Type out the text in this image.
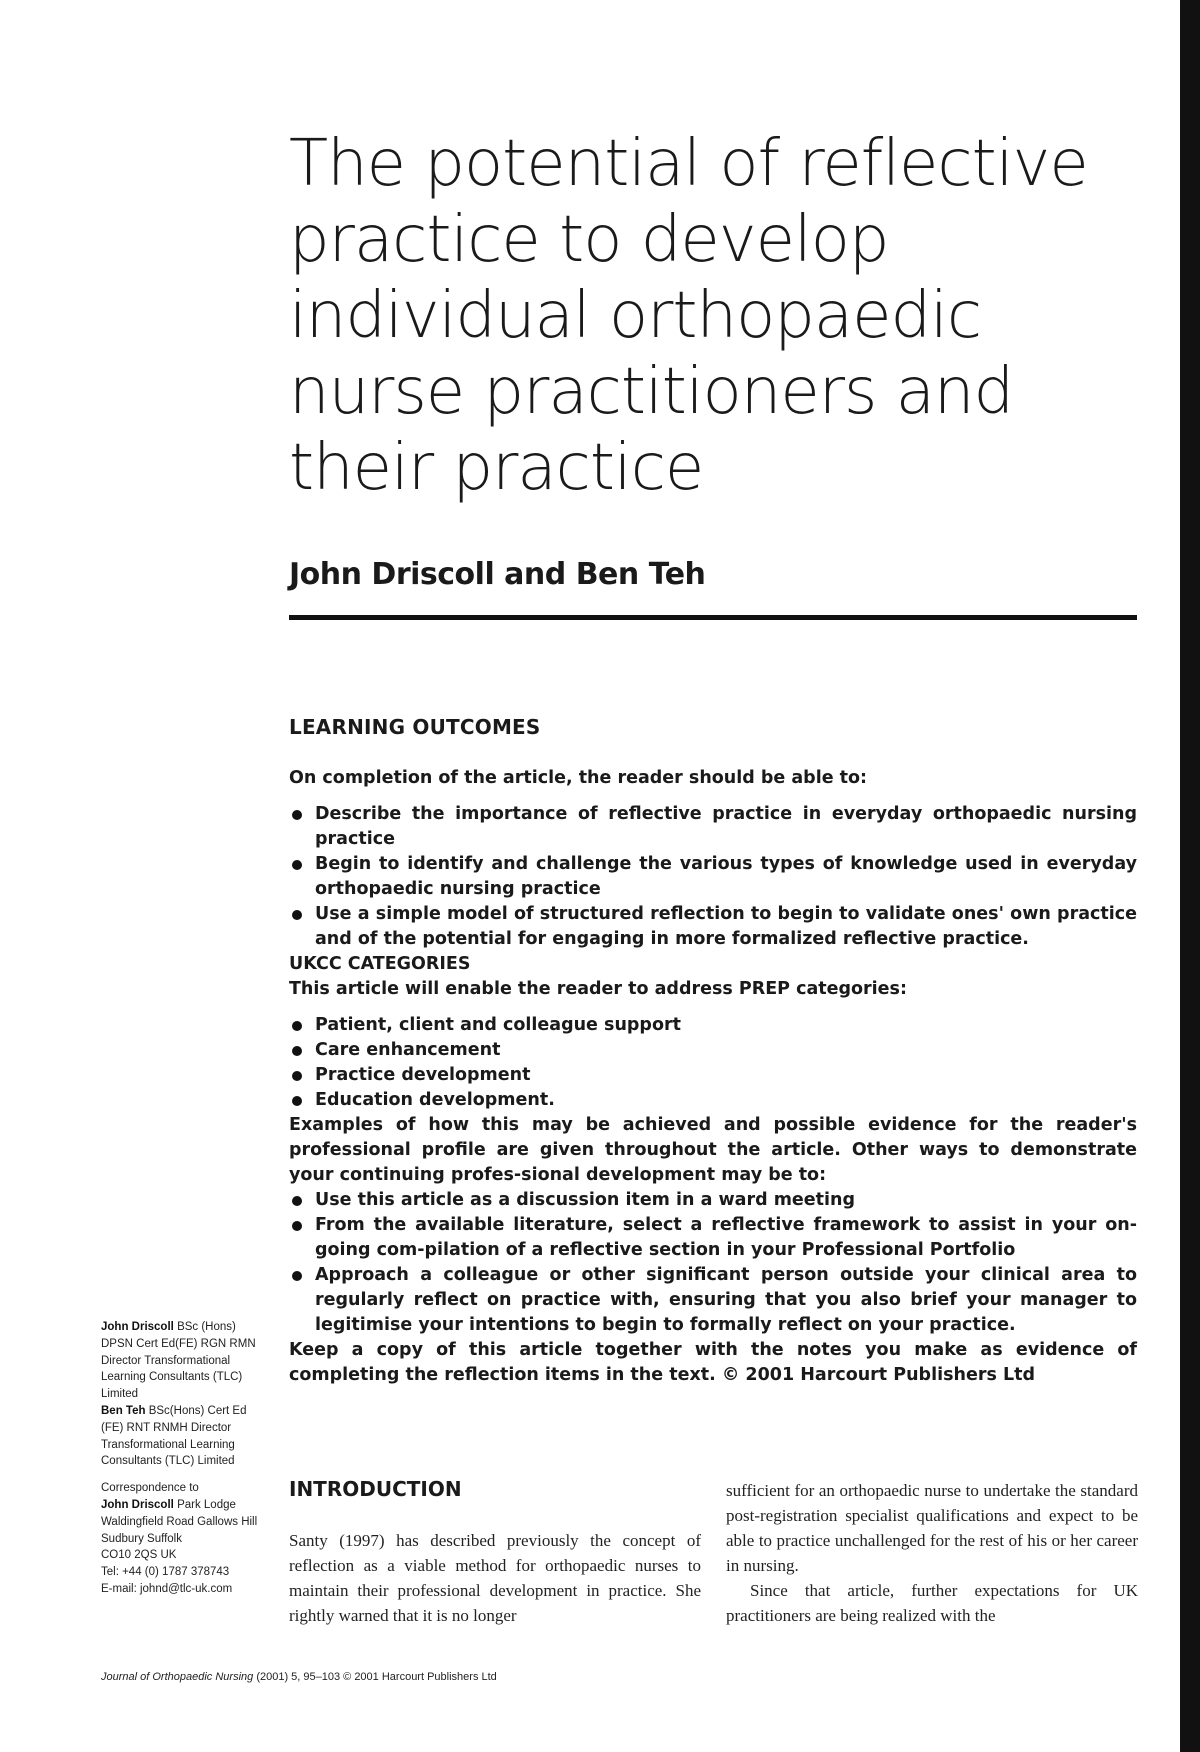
The potential of reflective practice to develop individual orthopaedic nurse practitioners and their practice

John Driscoll and Ben Teh

LEARNING OUTCOMES

On completion of the article, the reader should be able to:

Describe the importance of reflective practice in everyday orthopaedic nursing practice
Begin to identify and challenge the various types of knowledge used in everyday orthopaedic nursing practice
Use a simple model of structured reflection to begin to validate ones' own practice and of the potential for engaging in more formalized reflective practice.
UKCC CATEGORIES

This article will enable the reader to address PREP categories:

Patient, client and colleague support
Care enhancement
Practice development
Education development.

Examples of how this may be achieved and possible evidence for the reader's professional profile are given throughout the article. Other ways to demonstrate your continuing profes-sional development may be to:

Use this article as a discussion item in a ward meeting
From the available literature, select a reflective framework to assist in your on-going com-pilation of a reflective section in your Professional Portfolio
Approach a colleague or other significant person outside your clinical area to regularly reflect on practice with, ensuring that you also brief your manager to legitimise your intentions to begin to formally reflect on your practice.

Keep a copy of this article together with the notes you make as evidence of completing the reflection items in the text. © 2001 Harcourt Publishers Ltd

INTRODUCTION

Santy (1997) has described previously the concept of reflection as a viable method for orthopaedic nurses to maintain their professional development in practice. She rightly warned that it is no longer

sufficient for an orthopaedic nurse to undertake the standard post-registration specialist qualifications and expect to be able to practice unchallenged for the rest of his or her career in nursing.

Since that article, further expectations for UK practitioners are being realized with the

John Driscoll BSc (Hons) DPSN Cert Ed(FE) RGN RMN Director Transformational Learning Consultants (TLC) Limited

Ben Teh BSc(Hons) Cert Ed (FE) RNT RNMH Director Transformational Learning Consultants (TLC) Limited

Correspondence to

John Driscoll Park Lodge Waldingfield Road Gallows Hill Sudbury Suffolk

CO10 2QS UK

Tel: +44 (0) 1787 378743

E-mail: johnd@tlc-uk.com

Journal of Orthopaedic Nursing (2001) 5, 95–103 © 2001 Harcourt Publishers Ltd
